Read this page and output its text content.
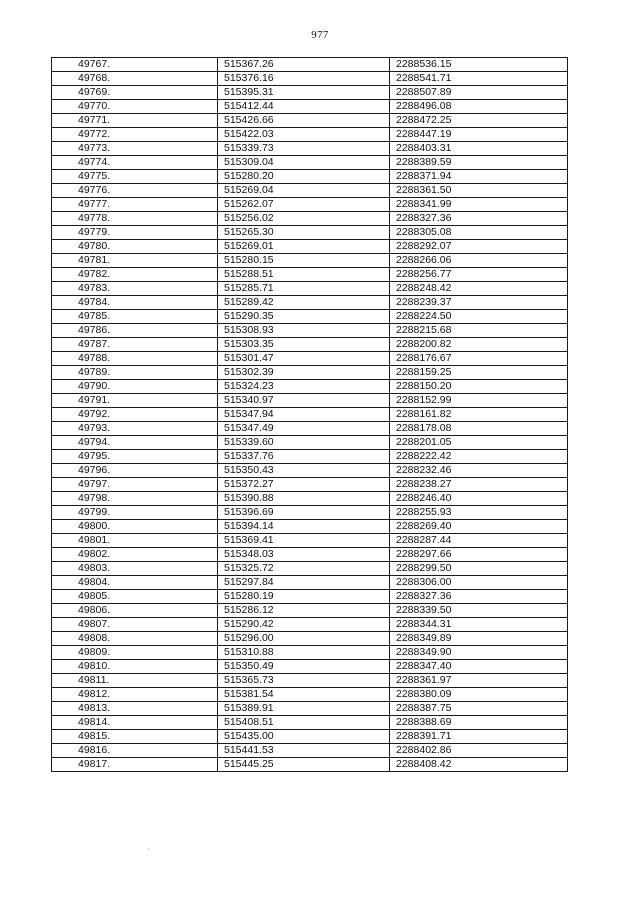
977
49767.	515367.26	2288536.15
49768.	515376.16	2288541.71
49769.	515395.31	2288507.89
49770.	515412.44	2288496.08
49771.	515426.66	2288472.25
49772.	515422.03	2288447.19
49773.	515339.73	2288403.31
49774.	515309.04	2288389.59
49775.	515280.20	2288371.94
49776.	515269.04	2288361.50
49777.	515262.07	2288341.99
49778.	515256.02	2288327.36
49779.	515265.30	2288305.08
49780.	515269.01	2288292.07
49781.	515280.15	2288266.06
49782.	515288.51	2288256.77
49783.	515285.71	2288248.42
49784.	515289.42	2288239.37
49785.	515290.35	2288224.50
49786.	515308.93	2288215.68
49787.	515303.35	2288200.82
49788.	515301.47	2288176.67
49789.	515302.39	2288159.25
49790.	515324.23	2288150.20
49791.	515340.97	2288152.99
49792.	515347.94	2288161.82
49793.	515347.49	2288178.08
49794.	515339.60	2288201.05
49795.	515337.76	2288222.42
49796.	515350.43	2288232.46
49797.	515372.27	2288238.27
49798.	515390.88	2288246.40
49799.	515396.69	2288255.93
49800.	515394.14	2288269.40
49801.	515369.41	2288287.44
49802.	515348.03	2288297.66
49803.	515325.72	2288299.50
49804.	515297.84	2288306.00
49805.	515280.19	2288327.36
49806.	515286.12	2288339.50
49807.	515290.42	2288344.31
49808.	515296.00	2288349.89
49809.	515310.88	2288349.90
49810.	515350.49	2288347.40
49811.	515365.73	2288361.97
49812.	515381.54	2288380.09
49813.	515389.91	2288387.75
49814.	515408.51	2288388.69
49815.	515435.00	2288391.71
49816.	515441.53	2288402.86
49817.	515445.25	2288408.42
